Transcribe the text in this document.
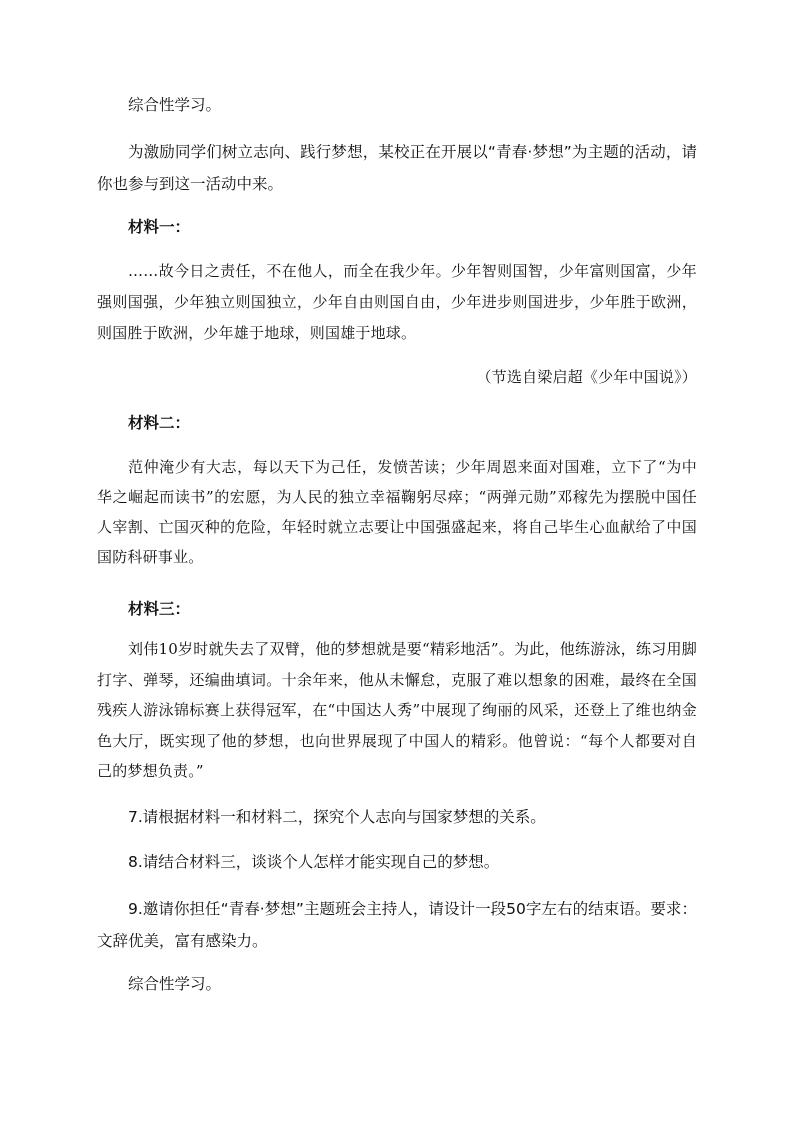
综合性学习。

为激励同学们树立志向、践行梦想，某校正在开展以“青春·梦想”为主题的活动，请你也参与到这一活动中来。

材料一：

……故今日之责任，不在他人，而全在我少年。少年智则国智，少年富则国富，少年强则国强，少年独立则国独立，少年自由则国自由，少年进步则国进步，少年胜于欧洲，则国胜于欧洲，少年雄于地球，则国雄于地球。

（节选自梁启超《少年中国说》）

材料二：

范仲淹少有大志，每以天下为己任，发愤苦读；少年周恩来面对国难，立下了“为中华之崛起而读书”的宏愿，为人民的独立幸福鞠躬尽瘁；“两弹元勋”邓稼先为摆脱中国任人宰割、亡国灭种的危险，年轻时就立志要让中国强盛起来，将自己毕生心血献给了中国国防科研事业。

材料三：

刘伟10岁时就失去了双臂，他的梦想就是要“精彩地活”。为此，他练游泳，练习用脚打字、弹琴，还编曲填词。十余年来，他从未懈怠，克服了难以想象的困难，最终在全国残疾人游泳锦标赛上获得冠军，在“中国达人秀”中展现了绚丽的风采，还登上了维也纳金色大厅，既实现了他的梦想，也向世界展现了中国人的精彩。他曾说：“每个人都要对自己的梦想负责。”

7.请根据材料一和材料二，探究个人志向与国家梦想的关系。

8.请结合材料三，谈谈个人怎样才能实现自己的梦想。

9.邀请你担任“青春·梦想”主题班会主持人，请设计一段50字左右的结束语。要求：文辞优美，富有感染力。

综合性学习。
